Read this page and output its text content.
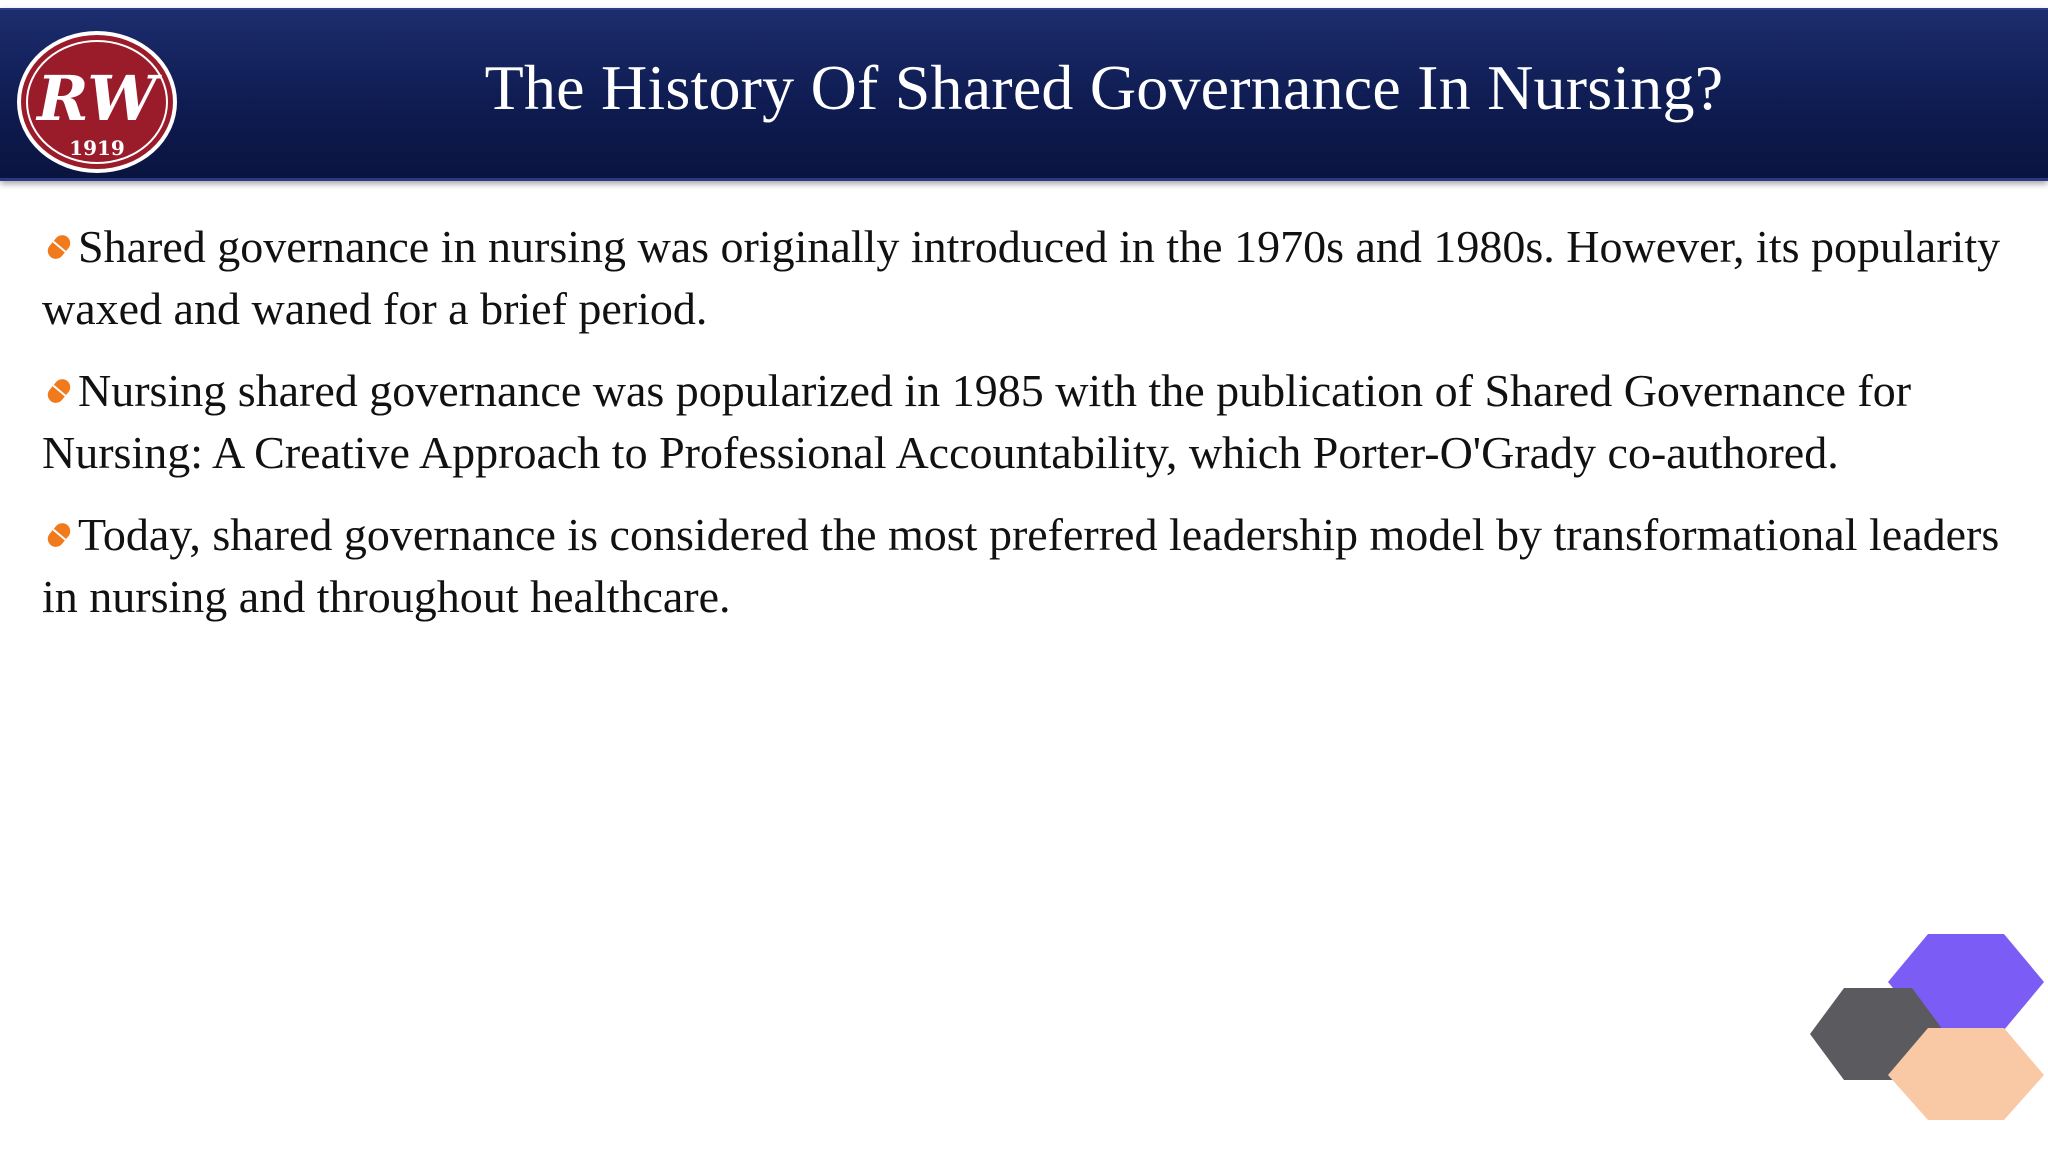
RW
1919
The History Of Shared Governance In Nursing?

Shared governance in nursing was originally introduced in the 1970s and 1980s. However, its popularity waxed and waned for a brief period.

Nursing shared governance was popularized in 1985 with the publication of Shared Governance for Nursing: A Creative Approach to Professional Accountability, which Porter-O'Grady co-authored.

Today, shared governance is considered the most preferred leadership model by transformational leaders in nursing and throughout healthcare.
